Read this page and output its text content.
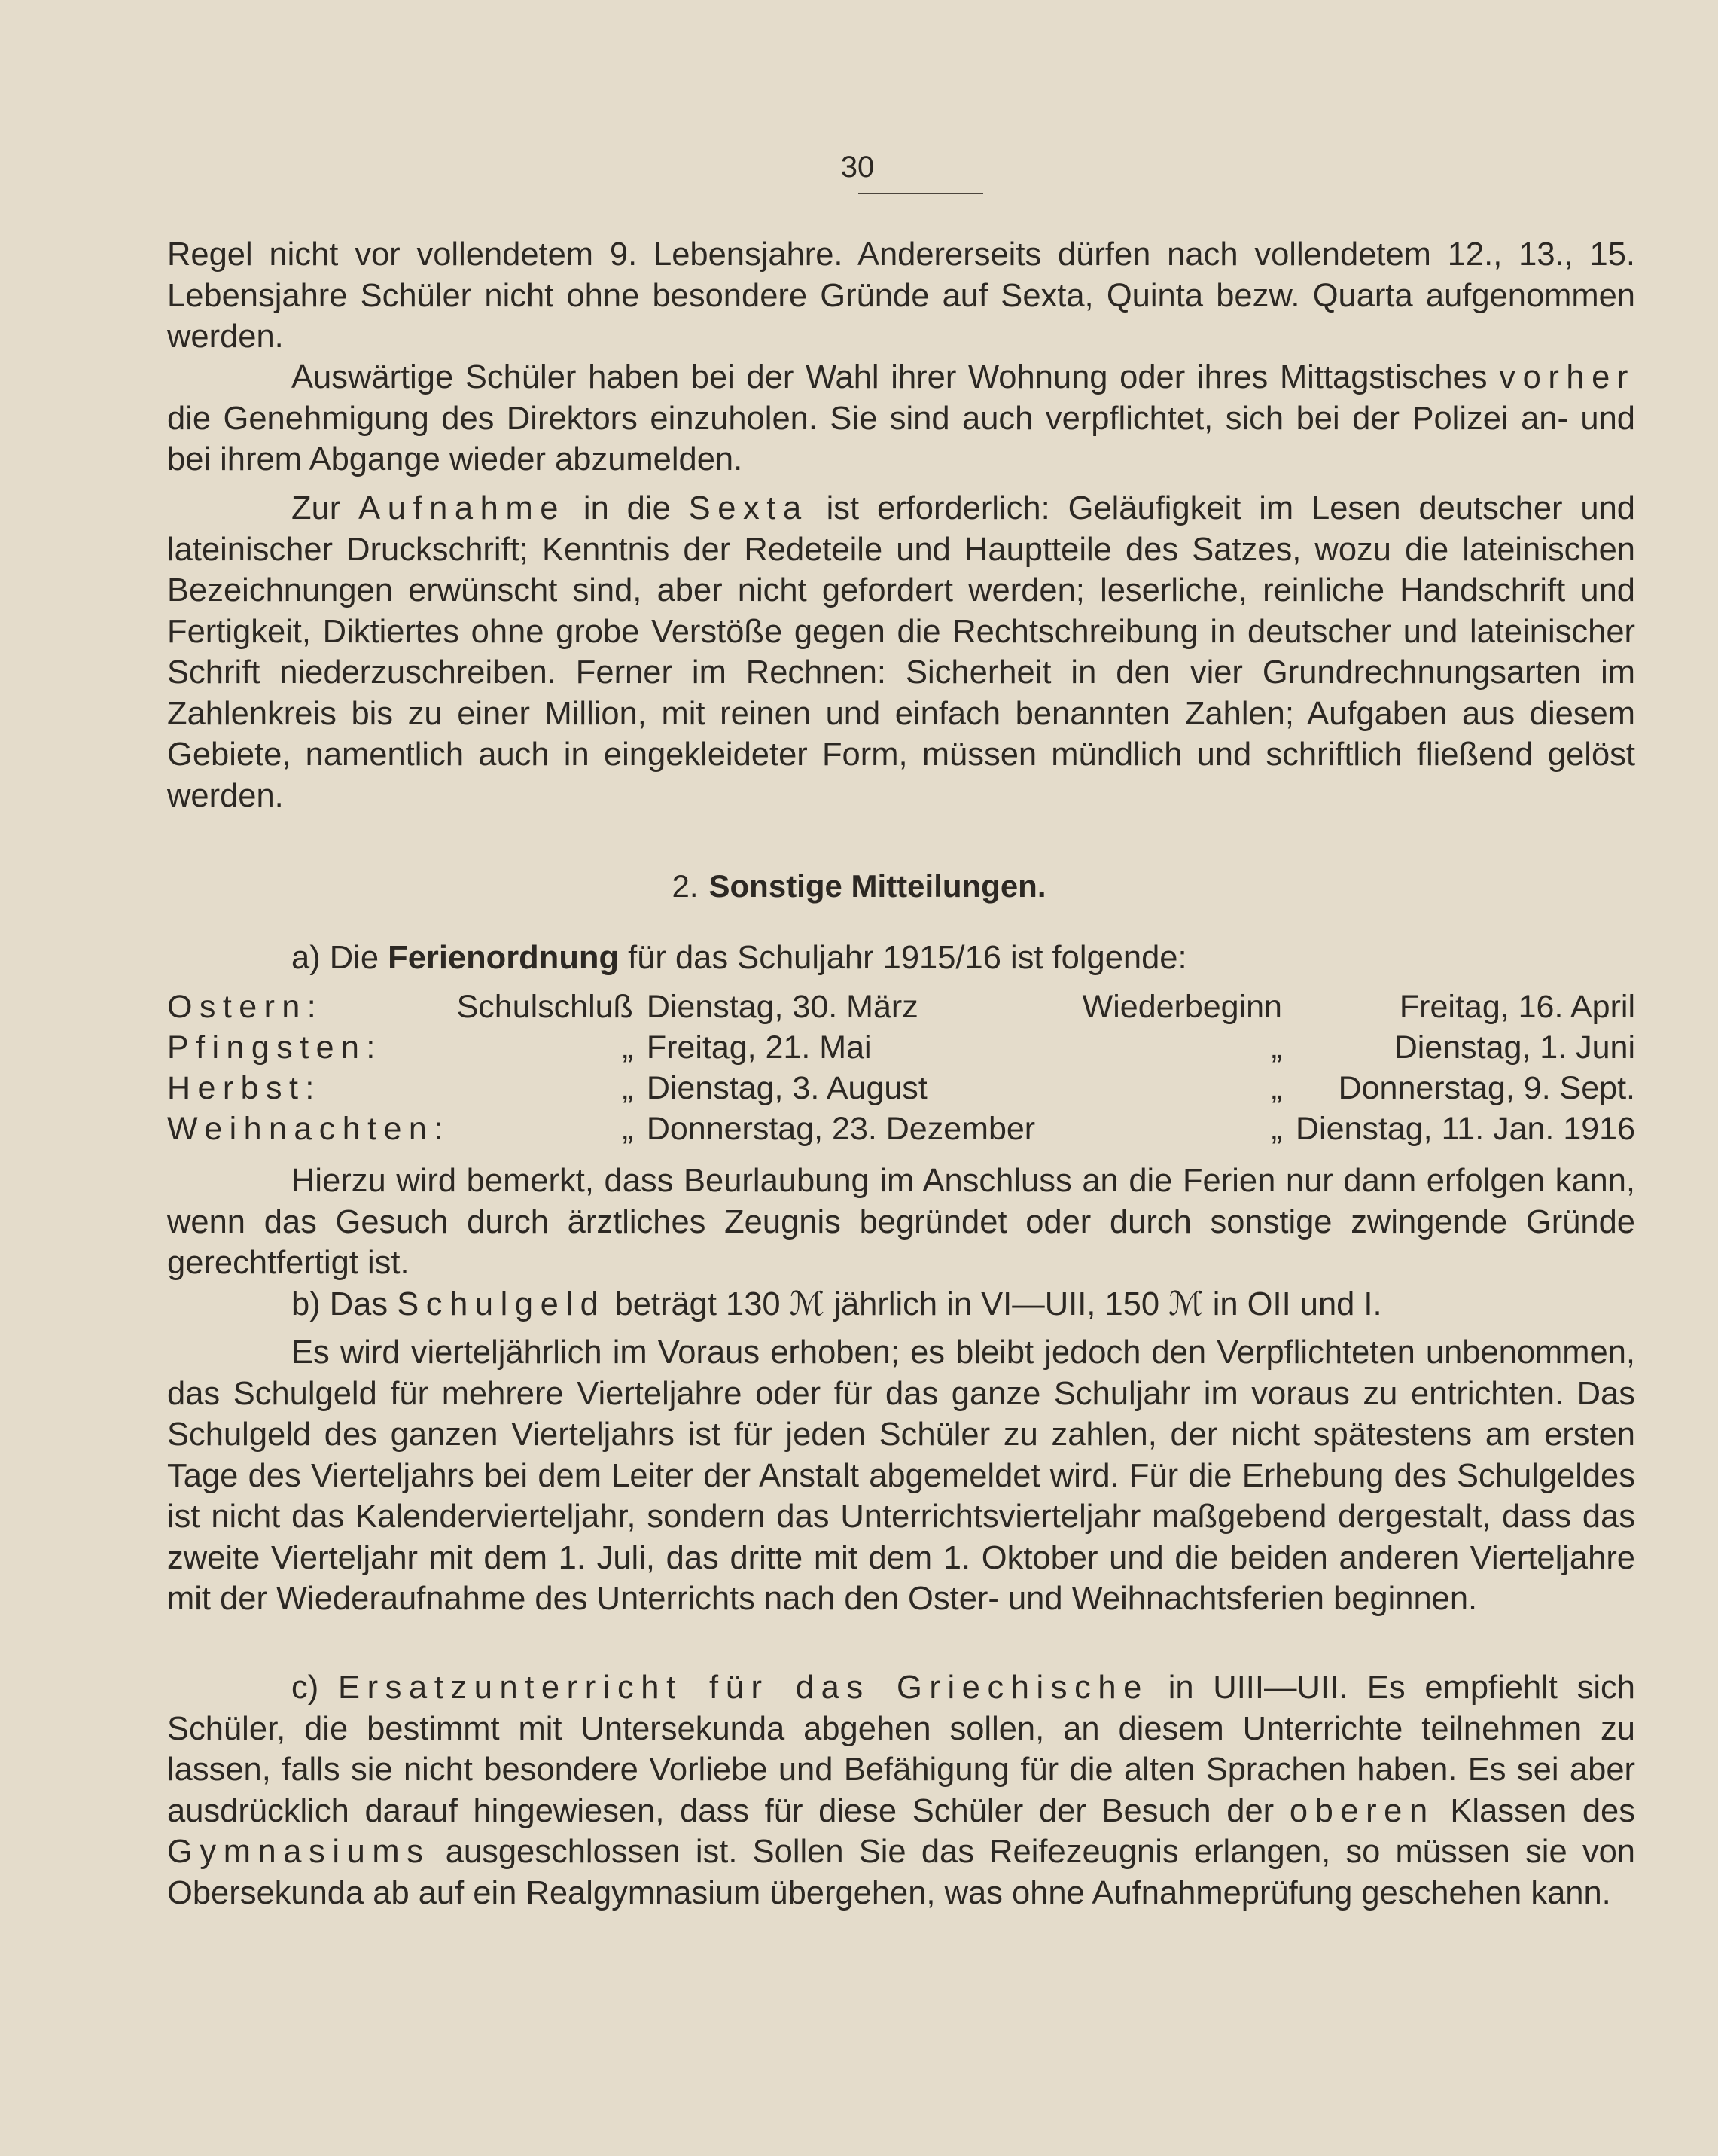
30

Regel nicht vor vollendetem 9. Lebensjahre. Andererseits dürfen nach vollendetem 12., 13., 15. Lebensjahre Schüler nicht ohne besondere Gründe auf Sexta, Quinta bezw. Quarta aufgenommen werden.

Auswärtige Schüler haben bei der Wahl ihrer Wohnung oder ihres Mittagstisches vorher die Genehmigung des Direktors einzuholen. Sie sind auch verpflichtet, sich bei der Polizei an- und bei ihrem Abgange wieder abzumelden.

Zur Aufnahme in die Sexta ist erforderlich: Geläufigkeit im Lesen deutscher und lateinischer Druckschrift; Kenntnis der Redeteile und Hauptteile des Satzes, wozu die lateinischen Bezeichnungen erwünscht sind, aber nicht gefordert werden; leserliche, reinliche Handschrift und Fertigkeit, Diktiertes ohne grobe Verstöße gegen die Rechtschreibung in deutscher und lateinischer Schrift niederzuschreiben. Ferner im Rechnen: Sicherheit in den vier Grundrechnungsarten im Zahlenkreis bis zu einer Million, mit reinen und einfach benannten Zahlen; Aufgaben aus diesem Gebiete, namentlich auch in eingekleideter Form, müssen mündlich und schriftlich fließend gelöst werden.

2. Sonstige Mitteilungen.

a) Die Ferienordnung für das Schuljahr 1915/16 ist folgende:

Ostern:	Schulschluß	Dienstag, 30. März	Wiederbeginn	Freitag, 16. April
Pfingsten:	„	Freitag, 21. Mai	„	Dienstag, 1. Juni
Herbst:	„	Dienstag, 3. August	„	Donnerstag, 9. Sept.
Weihnachten:	„	Donnerstag, 23. Dezember	„	Dienstag, 11. Jan. 1916

Hierzu wird bemerkt, dass Beurlaubung im Anschluss an die Ferien nur dann erfolgen kann, wenn das Gesuch durch ärztliches Zeugnis begründet oder durch sonstige zwingende Gründe gerechtfertigt ist.

b) Das Schulgeld beträgt 130 ℳ jährlich in VI—UII, 150 ℳ in OII und I.

Es wird vierteljährlich im Voraus erhoben; es bleibt jedoch den Verpflichteten unbenommen, das Schulgeld für mehrere Vierteljahre oder für das ganze Schuljahr im voraus zu entrichten. Das Schulgeld des ganzen Vierteljahrs ist für jeden Schüler zu zahlen, der nicht spätestens am ersten Tage des Vierteljahrs bei dem Leiter der Anstalt abgemeldet wird. Für die Erhebung des Schulgeldes ist nicht das Kalendervierteljahr, sondern das Unterrichtsvierteljahr maßgebend dergestalt, dass das zweite Vierteljahr mit dem 1. Juli, das dritte mit dem 1. Oktober und die beiden anderen Vierteljahre mit der Wiederaufnahme des Unterrichts nach den Oster- und Weihnachtsferien beginnen.

c) Ersatzunterricht für das Griechische in UIII—UII. Es empfiehlt sich Schüler, die bestimmt mit Untersekunda abgehen sollen, an diesem Unterrichte teilnehmen zu lassen, falls sie nicht besondere Vorliebe und Befähigung für die alten Sprachen haben. Es sei aber ausdrücklich darauf hingewiesen, dass für diese Schüler der Besuch der oberen Klassen des Gymnasiums ausgeschlossen ist. Sollen Sie das Reifezeugnis erlangen, so müssen sie von Obersekunda ab auf ein Realgymnasium übergehen, was ohne Aufnahmeprüfung geschehen kann.
